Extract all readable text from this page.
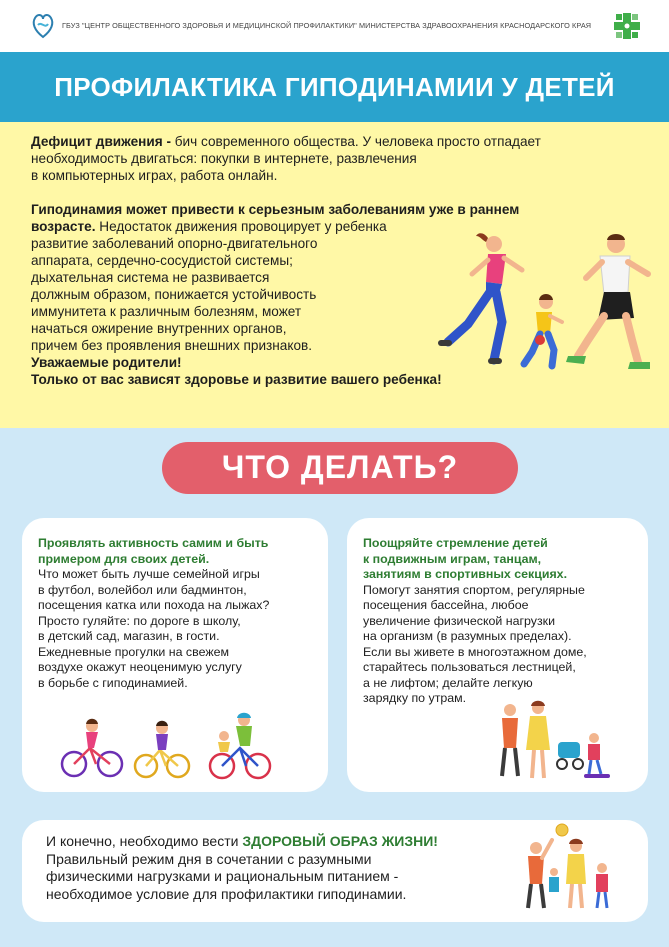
ГБУЗ "ЦЕНТР ОБЩЕСТВЕННОГО ЗДОРОВЬЯ И МЕДИЦИНСКОЙ ПРОФИЛАКТИКИ" МИНИСТЕРСТВА ЗДРАВООХРАНЕНИЯ КРАСНОДАРСКОГО КРАЯ
ПРОФИЛАКТИКА ГИПОДИНАМИИ У ДЕТЕЙ

Дефицит движения - бич современного общества. У человека просто отпадает

необходимость двигаться: покупки в интернете, развлечения

в компьютерных играх, работа онлайн.

Гиподинамия может привести к серьезным заболеваниям уже в раннем

возрасте. Недостаток движения провоцирует у ребенка

развитие заболеваний опорно-двигательного

аппарата, сердечно-сосудистой системы;

дыхательная система не развивается

должным образом, понижается устойчивость

иммунитета к различным болезням, может

начаться ожирение внутренних органов,

причем без проявления внешних признаков.

Уважаемые родители!

Только от вас зависят здоровье и развитие вашего ребенка!

ЧТО ДЕЛАТЬ?
Проявлять активность самим и быть
примером для своих детей.
Что может быть лучше семейной игры
в футбол, волейбол или бадминтон,
посещения катка или похода на лыжах?
Просто гуляйте: по дороге в школу,
в детский сад, магазин, в гости.
Ежедневные прогулки на свежем
воздухе окажут неоценимую услугу
в борьбе с гиподинамией.
Поощряйте стремление детей
к подвижным играм, танцам,
занятиям в спортивных секциях.
Помогут занятия спортом, регулярные
посещения бассейна, любое
увеличение физической нагрузки
на организм (в разумных пределах).
Если вы живете в многоэтажном доме,
старайтесь пользоваться лестницей,
а не лифтом; делайте легкую
зарядку по утрам.
И конечно, необходимо вести ЗДОРОВЫЙ ОБРАЗ ЖИЗНИ!
Правильный режим дня в сочетании с разумными
физическими нагрузками и рациональным питанием -
необходимое условие для профилактики гиподинамии.
